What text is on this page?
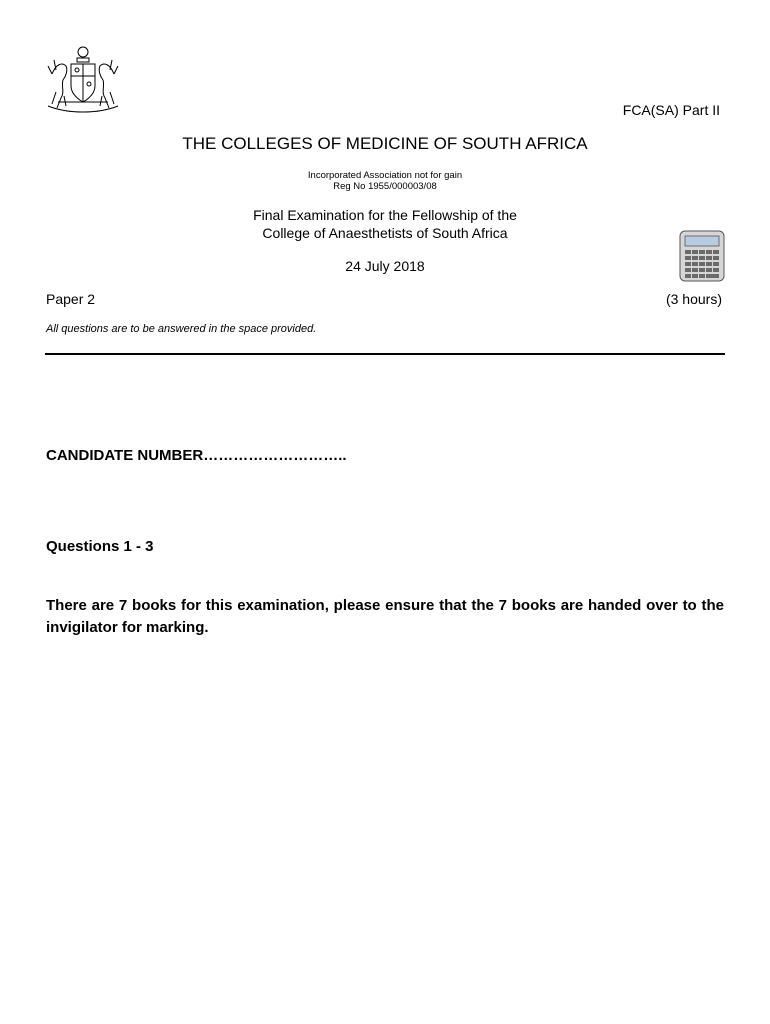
FCA(SA) Part II
THE COLLEGES OF MEDICINE OF SOUTH AFRICA
Incorporated Association not for gain
Reg No 1955/000003/08
Final Examination for the Fellowship of the
College of Anaesthetists of South Africa
24 July 2018
Paper 2	(3 hours)
All questions are to be answered in the space provided.
CANDIDATE NUMBER………………………..
Questions 1 - 3
There are 7 books for this examination, please ensure that the 7 books are handed over to the invigilator for marking.
